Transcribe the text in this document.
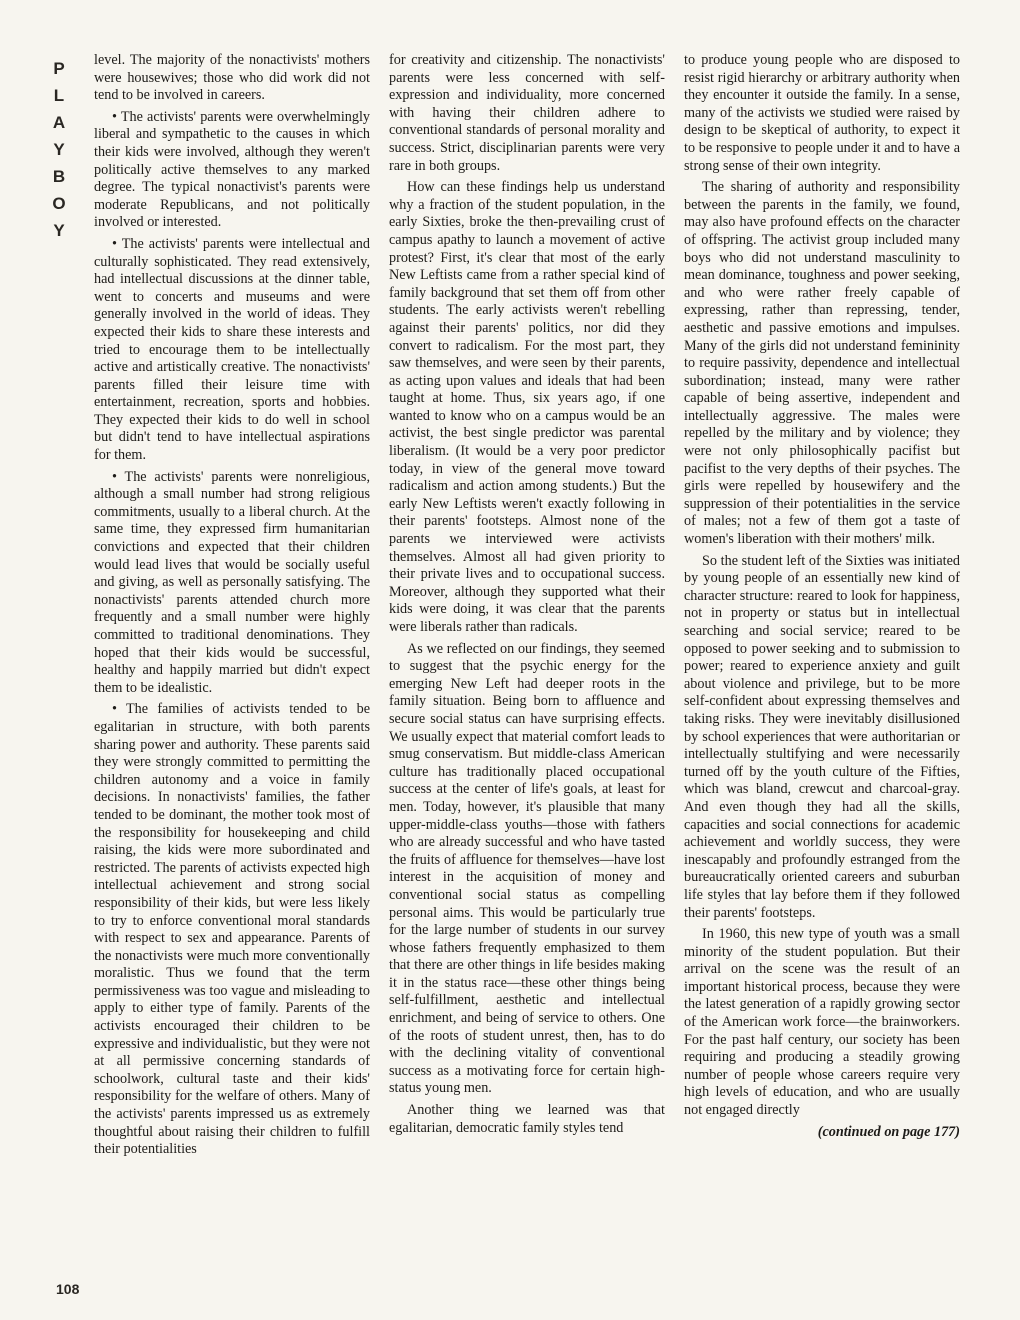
P
L
A
Y
B
O
Y

level. The majority of the nonactivists' mothers were housewives; those who did work did not tend to be involved in careers.

• The activists' parents were overwhelmingly liberal and sympathetic to the causes in which their kids were involved, although they weren't politically active themselves to any marked degree. The typical nonactivist's parents were moderate Republicans, and not politically involved or interested.

• The activists' parents were intellectual and culturally sophisticated. They read extensively, had intellectual discussions at the dinner table, went to concerts and museums and were generally involved in the world of ideas. They expected their kids to share these interests and tried to encourage them to be intellectually active and artistically creative. The nonactivists' parents filled their leisure time with entertainment, recreation, sports and hobbies. They expected their kids to do well in school but didn't tend to have intellectual aspirations for them.

• The activists' parents were nonreligious, although a small number had strong religious commitments, usually to a liberal church. At the same time, they expressed firm humanitarian convictions and expected that their children would lead lives that would be socially useful and giving, as well as personally satisfying. The nonactivists' parents attended church more frequently and a small number were highly committed to traditional denominations. They hoped that their kids would be successful, healthy and happily married but didn't expect them to be idealistic.

• The families of activists tended to be egalitarian in structure, with both parents sharing power and authority. These parents said they were strongly committed to permitting the children autonomy and a voice in family decisions. In nonactivists' families, the father tended to be dominant, the mother took most of the responsibility for housekeeping and child raising, the kids were more subordinated and restricted. The parents of activists expected high intellectual achievement and strong social responsibility of their kids, but were less likely to try to enforce conventional moral standards with respect to sex and appearance. Parents of the nonactivists were much more conventionally moralistic. Thus we found that the term permissiveness was too vague and misleading to apply to either type of family. Parents of the activists encouraged their children to be expressive and individualistic, but they were not at all permissive concerning standards of schoolwork, cultural taste and their kids' responsibility for the welfare of others. Many of the activists' parents impressed us as extremely thoughtful about raising their children to fulfill their potentialities

for creativity and citizenship. The nonactivists' parents were less concerned with self-expression and individuality, more concerned with having their children adhere to conventional standards of personal morality and success. Strict, disciplinarian parents were very rare in both groups.

How can these findings help us understand why a fraction of the student population, in the early Sixties, broke the then-prevailing crust of campus apathy to launch a movement of active protest? First, it's clear that most of the early New Leftists came from a rather special kind of family background that set them off from other students. The early activists weren't rebelling against their parents' politics, nor did they convert to radicalism. For the most part, they saw themselves, and were seen by their parents, as acting upon values and ideals that had been taught at home. Thus, six years ago, if one wanted to know who on a campus would be an activist, the best single predictor was parental liberalism. (It would be a very poor predictor today, in view of the general move toward radicalism and action among students.) But the early New Leftists weren't exactly following in their parents' footsteps. Almost none of the parents we interviewed were activists themselves. Almost all had given priority to their private lives and to occupational success. Moreover, although they supported what their kids were doing, it was clear that the parents were liberals rather than radicals.

As we reflected on our findings, they seemed to suggest that the psychic energy for the emerging New Left had deeper roots in the family situation. Being born to affluence and secure social status can have surprising effects. We usually expect that material comfort leads to smug conservatism. But middle-class American culture has traditionally placed occupational success at the center of life's goals, at least for men. Today, however, it's plausible that many upper-middle-class youths—those with fathers who are already successful and who have tasted the fruits of affluence for themselves—have lost interest in the acquisition of money and conventional social status as compelling personal aims. This would be particularly true for the large number of students in our survey whose fathers frequently emphasized to them that there are other things in life besides making it in the status race—these other things being self-fulfillment, aesthetic and intellectual enrichment, and being of service to others. One of the roots of student unrest, then, has to do with the declining vitality of conventional success as a motivating force for certain high-status young men.

Another thing we learned was that egalitarian, democratic family styles tend

to produce young people who are disposed to resist rigid hierarchy or arbitrary authority when they encounter it outside the family. In a sense, many of the activists we studied were raised by design to be skeptical of authority, to expect it to be responsive to people under it and to have a strong sense of their own integrity.

The sharing of authority and responsibility between the parents in the family, we found, may also have profound effects on the character of offspring. The activist group included many boys who did not understand masculinity to mean dominance, toughness and power seeking, and who were rather freely capable of expressing, rather than repressing, tender, aesthetic and passive emotions and impulses. Many of the girls did not understand femininity to require passivity, dependence and intellectual subordination; instead, many were rather capable of being assertive, independent and intellectually aggressive. The males were repelled by the military and by violence; they were not only philosophically pacifist but pacifist to the very depths of their psyches. The girls were repelled by housewifery and the suppression of their potentialities in the service of males; not a few of them got a taste of women's liberation with their mothers' milk.

So the student left of the Sixties was initiated by young people of an essentially new kind of character structure: reared to look for happiness, not in property or status but in intellectual searching and social service; reared to be opposed to power seeking and to submission to power; reared to experience anxiety and guilt about violence and privilege, but to be more self-confident about expressing themselves and taking risks. They were inevitably disillusioned by school experiences that were authoritarian or intellectually stultifying and were necessarily turned off by the youth culture of the Fifties, which was bland, crewcut and charcoal-gray. And even though they had all the skills, capacities and social connections for academic achievement and worldly success, they were inescapably and profoundly estranged from the bureaucratically oriented careers and suburban life styles that lay before them if they followed their parents' footsteps.

In 1960, this new type of youth was a small minority of the student population. But their arrival on the scene was the result of an important historical process, because they were the latest generation of a rapidly growing sector of the American work force—the brainworkers. For the past half century, our society has been requiring and producing a steadily growing number of people whose careers require very high levels of education, and who are usually not engaged directly

(continued on page 177)
108
